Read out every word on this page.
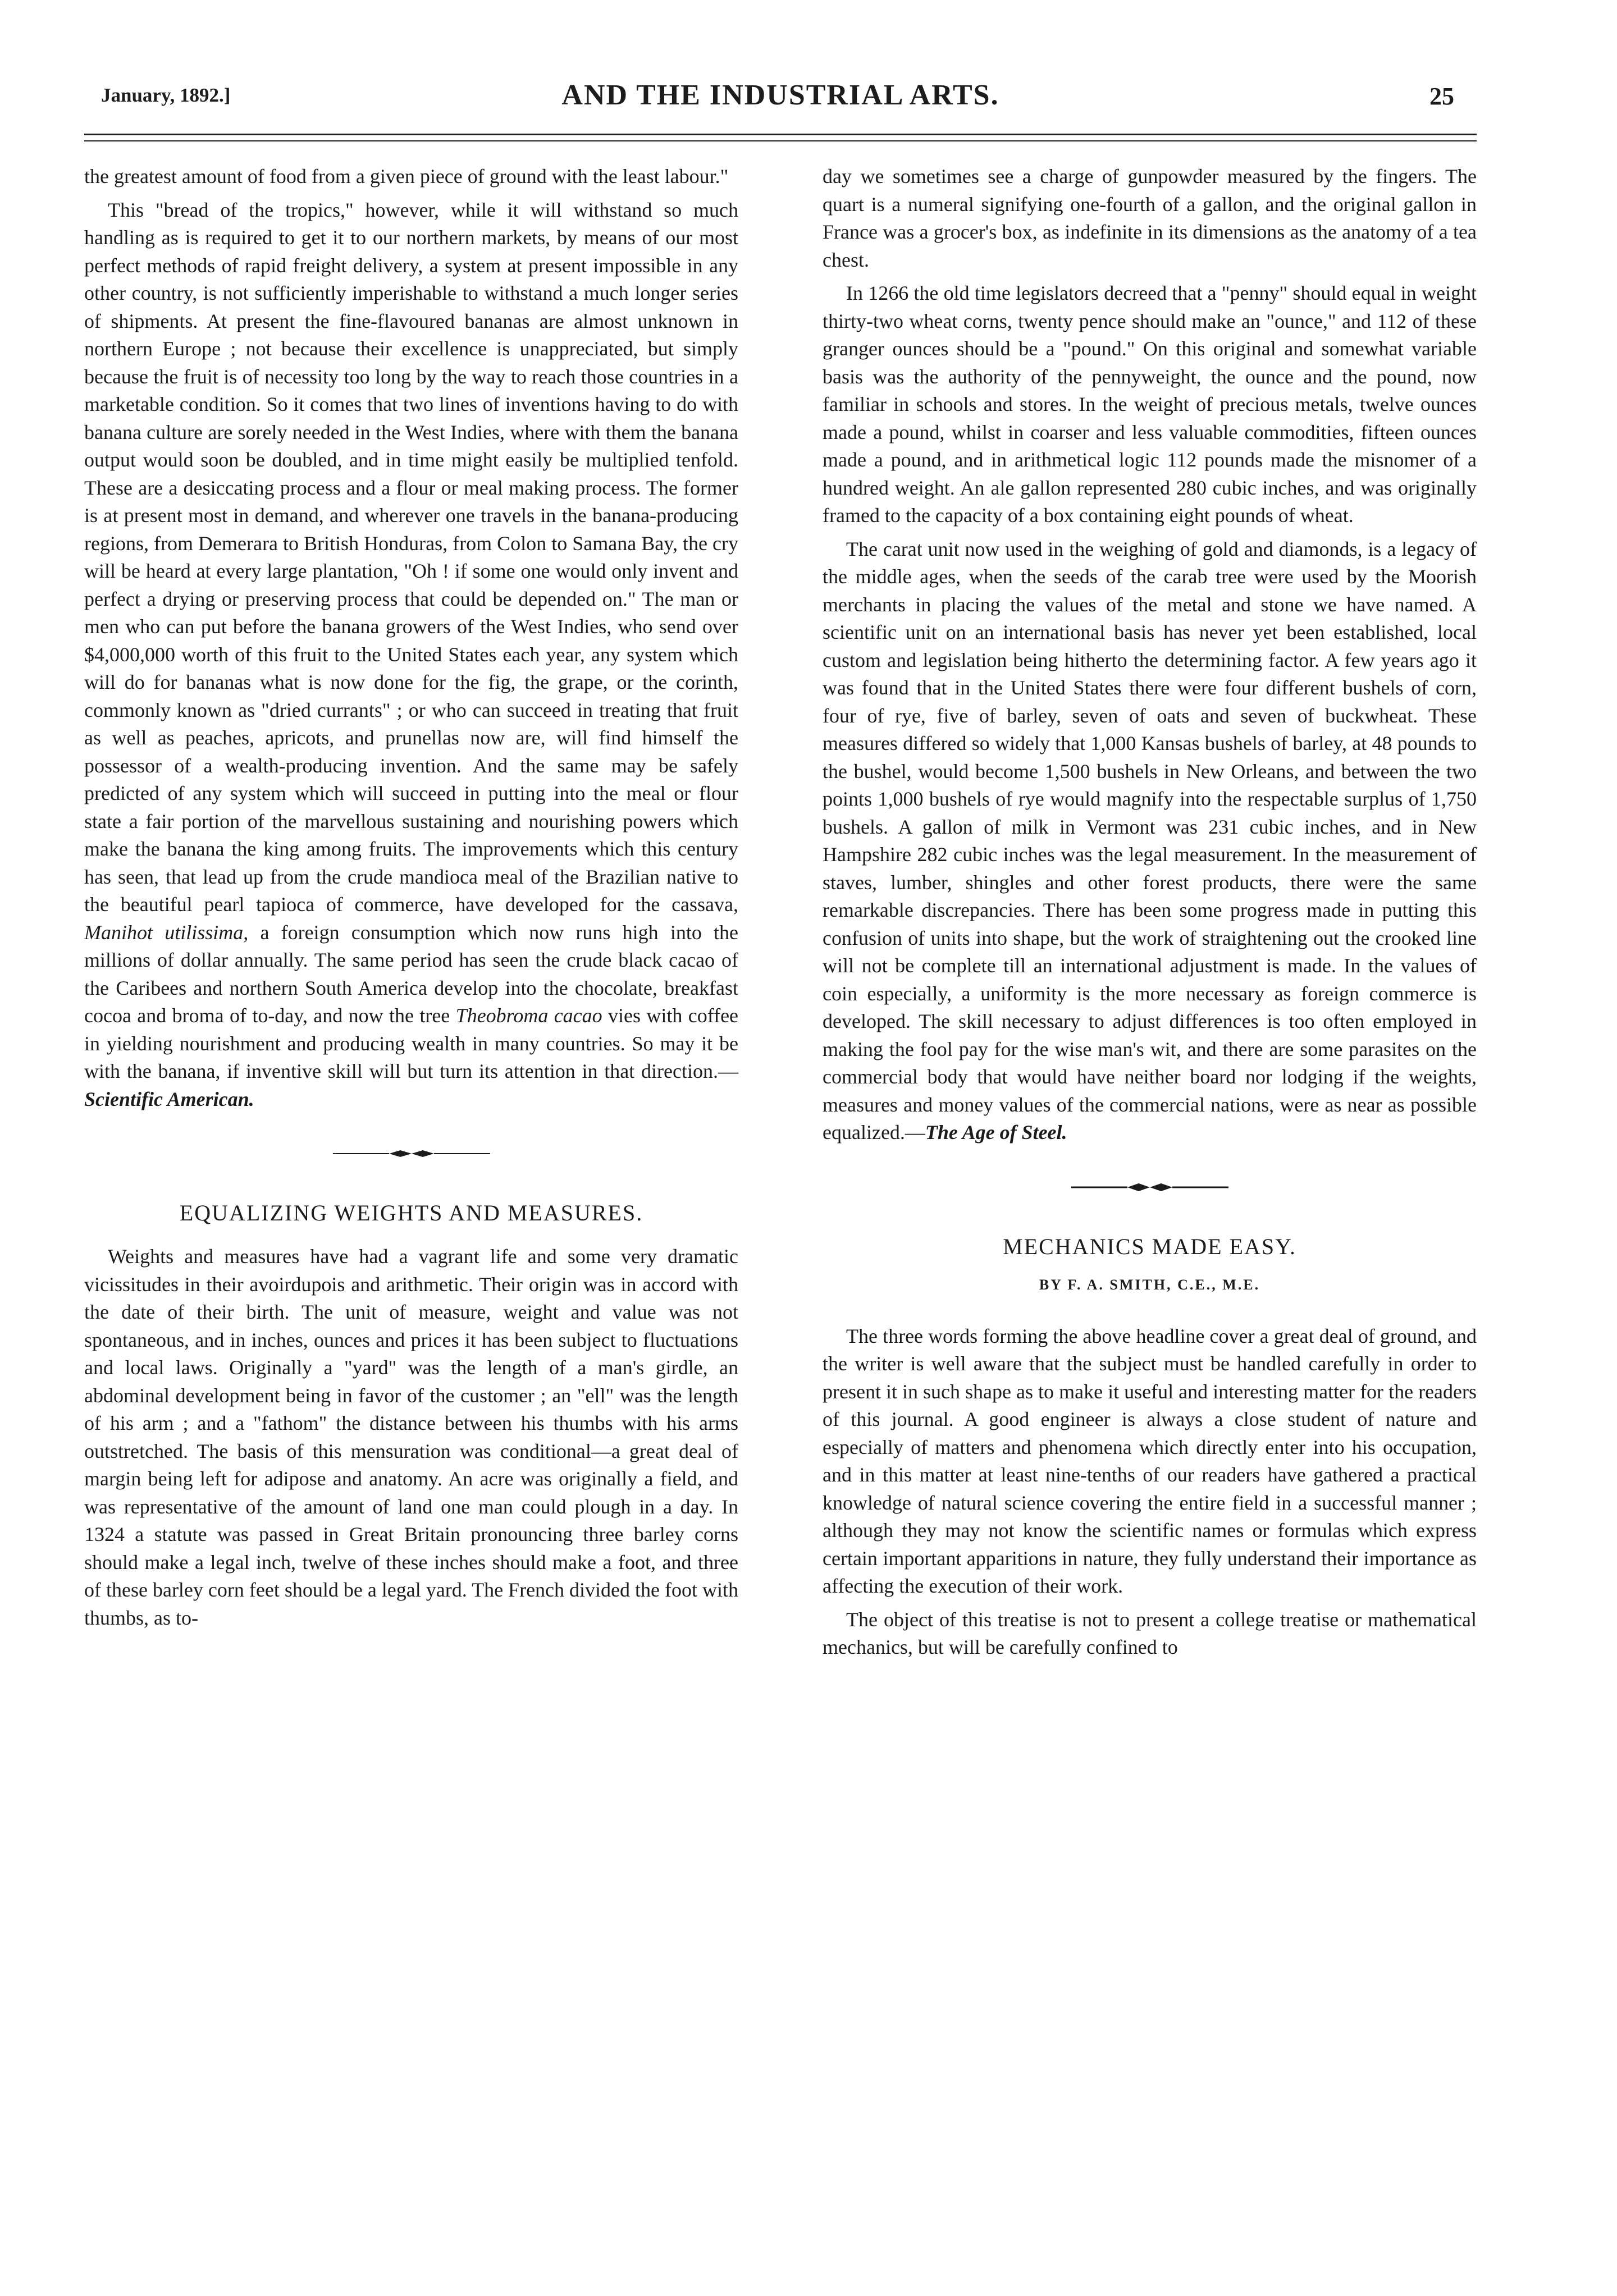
January, 1892.]	AND THE INDUSTRIAL ARTS.	25

the greatest amount of food from a given piece of ground with the least labour."

This "bread of the tropics," however, while it will withstand so much handling as is required to get it to our northern markets, by means of our most perfect methods of rapid freight delivery, a system at present impossible in any other country, is not sufficiently imperishable to withstand a much longer series of shipments. At present the fine-flavoured bananas are almost unknown in northern Europe ; not because their excellence is unappreciated, but simply because the fruit is of necessity too long by the way to reach those countries in a marketable condition. So it comes that two lines of inventions having to do with banana culture are sorely needed in the West Indies, where with them the banana output would soon be doubled, and in time might easily be multiplied tenfold. These are a desiccating process and a flour or meal making process. The former is at present most in demand, and wherever one travels in the banana-producing regions, from Demerara to British Honduras, from Colon to Samana Bay, the cry will be heard at every large plantation, "Oh ! if some one would only invent and perfect a drying or preserving process that could be depended on." The man or men who can put before the banana growers of the West Indies, who send over $4,000,000 worth of this fruit to the United States each year, any system which will do for bananas what is now done for the fig, the grape, or the corinth, commonly known as "dried currants" ; or who can succeed in treating that fruit as well as peaches, apricots, and prunellas now are, will find himself the possessor of a wealth-producing invention. And the same may be safely predicted of any system which will succeed in putting into the meal or flour state a fair portion of the marvellous sustaining and nourishing powers which make the banana the king among fruits. The improvements which this century has seen, that lead up from the crude mandioca meal of the Brazilian native to the beautiful pearl tapioca of commerce, have developed for the cassava, Manihot utilissima, a foreign consumption which now runs high into the millions of dollar annually. The same period has seen the crude black cacao of the Caribees and northern South America develop into the chocolate, breakfast cocoa and broma of to-day, and now the tree Theobroma cacao vies with coffee in yielding nourishment and producing wealth in many countries. So may it be with the banana, if inventive skill will but turn its attention in that direction.—Scientific American.

EQUALIZING WEIGHTS AND MEASURES.

Weights and measures have had a vagrant life and some very dramatic vicissitudes in their avoirdupois and arithmetic. Their origin was in accord with the date of their birth. The unit of measure, weight and value was not spontaneous, and in inches, ounces and prices it has been subject to fluctuations and local laws. Originally a "yard" was the length of a man's girdle, an abdominal development being in favor of the customer ; an "ell" was the length of his arm ; and a "fathom" the distance between his thumbs with his arms outstretched. The basis of this mensuration was conditional—a great deal of margin being left for adipose and anatomy. An acre was originally a field, and was representative of the amount of land one man could plough in a day. In 1324 a statute was passed in Great Britain pronouncing three barley corns should make a legal inch, twelve of these inches should make a foot, and three of these barley corn feet should be a legal yard. The French divided the foot with thumbs, as to-

day we sometimes see a charge of gunpowder measured by the fingers. The quart is a numeral signifying one-fourth of a gallon, and the original gallon in France was a grocer's box, as indefinite in its dimensions as the anatomy of a tea chest.

In 1266 the old time legislators decreed that a "penny" should equal in weight thirty-two wheat corns, twenty pence should make an "ounce," and 112 of these granger ounces should be a "pound." On this original and somewhat variable basis was the authority of the pennyweight, the ounce and the pound, now familiar in schools and stores. In the weight of precious metals, twelve ounces made a pound, whilst in coarser and less valuable commodities, fifteen ounces made a pound, and in arithmetical logic 112 pounds made the misnomer of a hundred weight. An ale gallon represented 280 cubic inches, and was originally framed to the capacity of a box containing eight pounds of wheat.

The carat unit now used in the weighing of gold and diamonds, is a legacy of the middle ages, when the seeds of the carab tree were used by the Moorish merchants in placing the values of the metal and stone we have named. A scientific unit on an international basis has never yet been established, local custom and legislation being hitherto the determining factor. A few years ago it was found that in the United States there were four different bushels of corn, four of rye, five of barley, seven of oats and seven of buckwheat. These measures differed so widely that 1,000 Kansas bushels of barley, at 48 pounds to the bushel, would become 1,500 bushels in New Orleans, and between the two points 1,000 bushels of rye would magnify into the respectable surplus of 1,750 bushels. A gallon of milk in Vermont was 231 cubic inches, and in New Hampshire 282 cubic inches was the legal measurement. In the measurement of staves, lumber, shingles and other forest products, there were the same remarkable discrepancies. There has been some progress made in putting this confusion of units into shape, but the work of straightening out the crooked line will not be complete till an international adjustment is made. In the values of coin especially, a uniformity is the more necessary as foreign commerce is developed. The skill necessary to adjust differences is too often employed in making the fool pay for the wise man's wit, and there are some parasites on the commercial body that would have neither board nor lodging if the weights, measures and money values of the commercial nations, were as near as possible equalized.—The Age of Steel.

MECHANICS MADE EASY.
BY F. A. SMITH, C.E., M.E.

The three words forming the above headline cover a great deal of ground, and the writer is well aware that the subject must be handled carefully in order to present it in such shape as to make it useful and interesting matter for the readers of this journal. A good engineer is always a close student of nature and especially of matters and phenomena which directly enter into his occupation, and in this matter at least nine-tenths of our readers have gathered a practical knowledge of natural science covering the entire field in a successful manner ; although they may not know the scientific names or formulas which express certain important apparitions in nature, they fully understand their importance as affecting the execution of their work.

The object of this treatise is not to present a college treatise or mathematical mechanics, but will be carefully confined to
